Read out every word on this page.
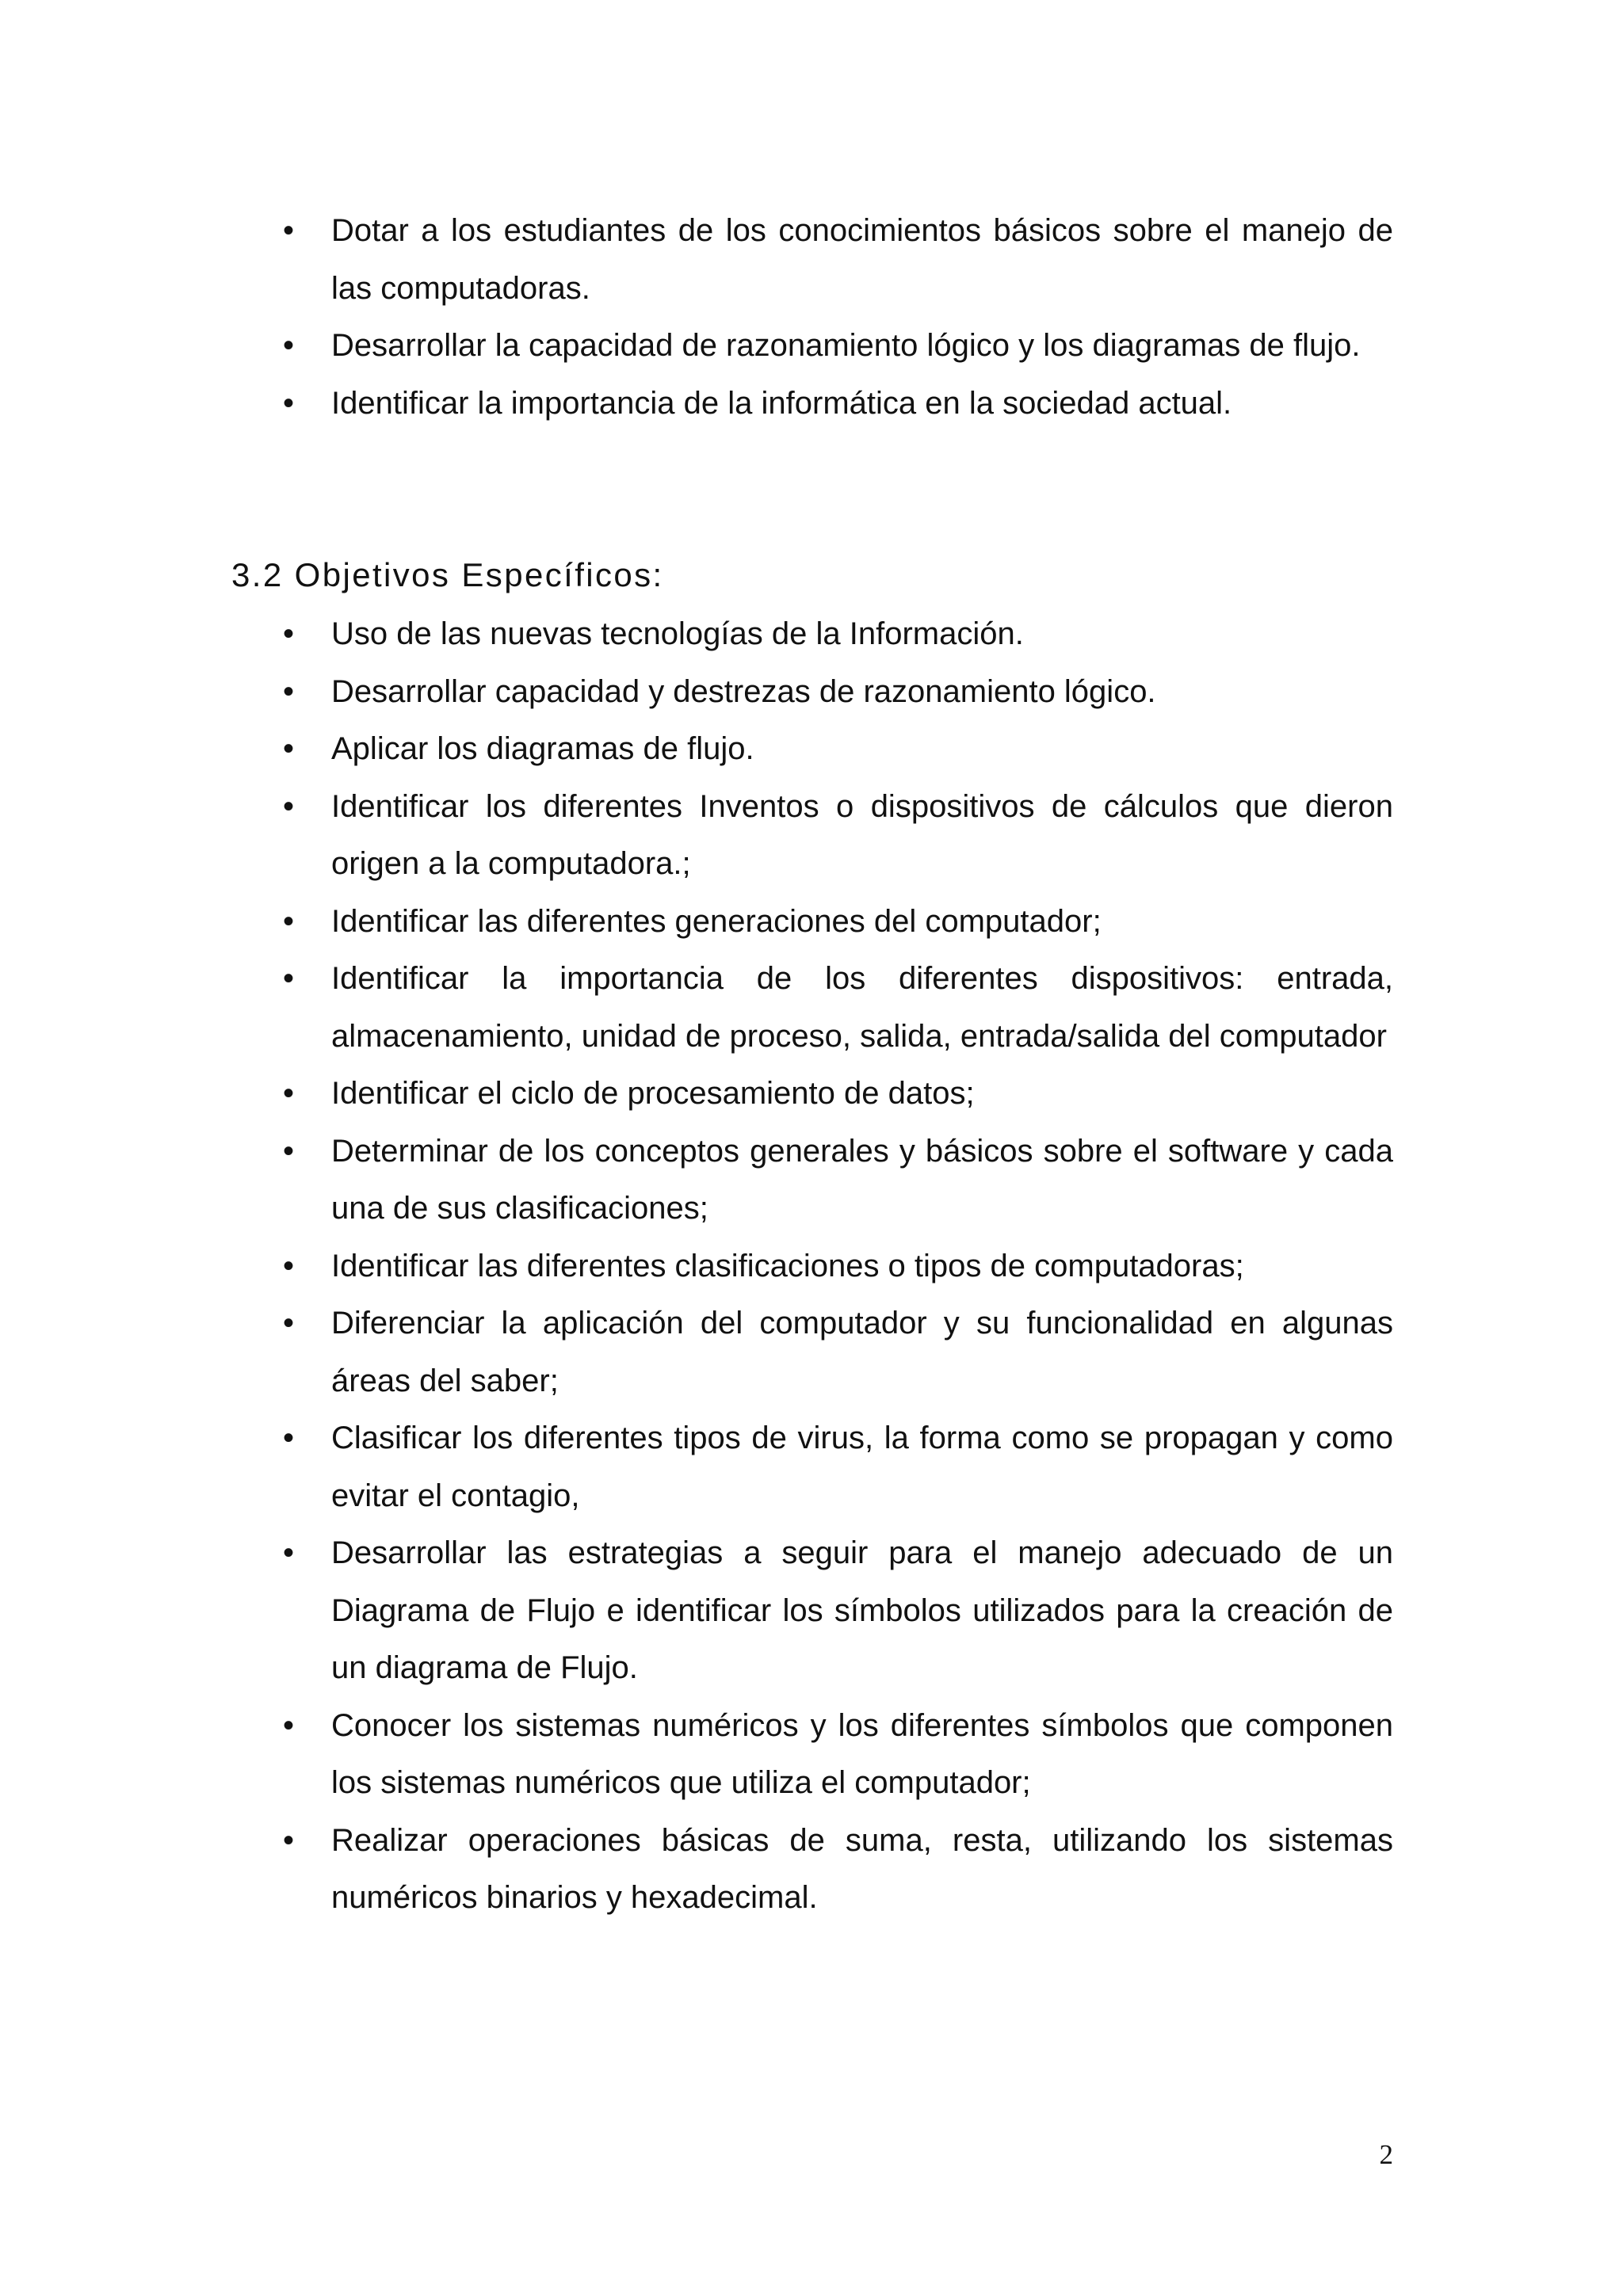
•	Dotar a los estudiantes de los conocimientos básicos sobre el manejo de las computadoras.
•	Desarrollar la capacidad de razonamiento lógico y los diagramas de flujo.
•	Identificar la importancia de la informática en la sociedad actual.
3.2 Objetivos Específicos:
•	Uso de las nuevas tecnologías de la Información.
•	Desarrollar capacidad y destrezas de razonamiento lógico.
•	Aplicar los diagramas de flujo.
•	Identificar los diferentes Inventos o dispositivos de cálculos que dieron origen a la computadora.;
•	Identificar las diferentes generaciones del computador;
•	Identificar la importancia de los diferentes dispositivos: entrada, almacenamiento, unidad de proceso, salida, entrada/salida del computador
•	Identificar el ciclo de procesamiento de datos;
•	Determinar de los conceptos generales y básicos sobre el software y cada una de sus clasificaciones;
•	Identificar las diferentes clasificaciones o tipos de computadoras;
•	Diferenciar la aplicación del computador y su funcionalidad en algunas áreas del saber;
•	Clasificar los diferentes tipos de virus, la forma como se propagan y como evitar el contagio,
•	Desarrollar las estrategias a seguir para el manejo adecuado de un Diagrama de Flujo e identificar los símbolos utilizados para la creación de un diagrama de Flujo.
•	Conocer los sistemas numéricos y los diferentes símbolos que componen los sistemas numéricos que utiliza el computador;
•	Realizar operaciones básicas de suma, resta, utilizando los sistemas numéricos binarios y hexadecimal.
2
